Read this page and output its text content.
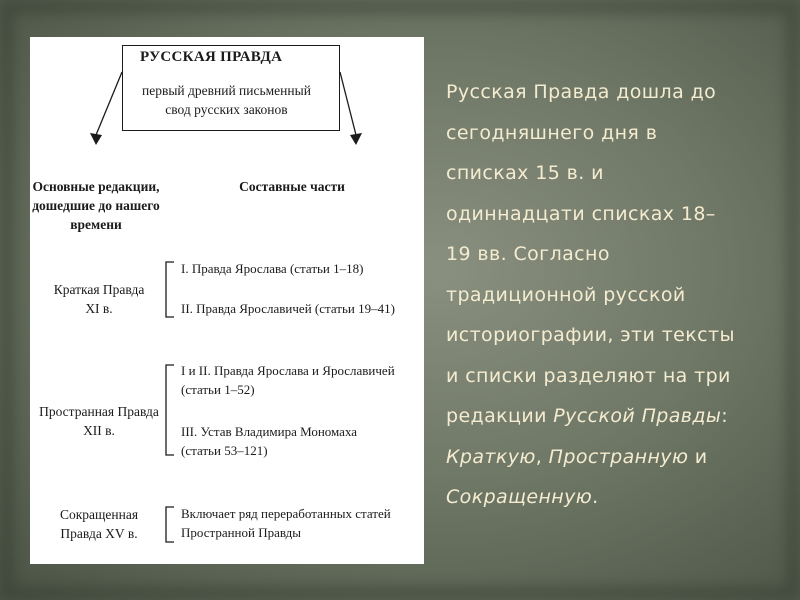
РУССКАЯ ПРАВДА
первый древний письменный
свод русских законов
Основные редакции,
дошедшие до нашего
времени
Составные части
Краткая Правда
XI в.
I. Правда Ярослава (статьи 1–18)
II. Правда Ярославичей (статьи 19–41)
Пространная Правда
XII в.
I и II. Правда Ярослава и Ярославичей
(статьи 1–52)
III. Устав Владимира Мономаха
(статьи 53–121)
Сокращенная
Правда XV в.
Включает ряд переработанных статей
Пространной Правды
Русская Правда дошла до
сегодняшнего дня в
списках 15 в. и
одиннадцати списках 18–
19 вв. Согласно
традиционной русской
историографии, эти тексты
и списки разделяют на три
редакции Русской Правды:
Краткую, Пространную и
Сокращенную.
